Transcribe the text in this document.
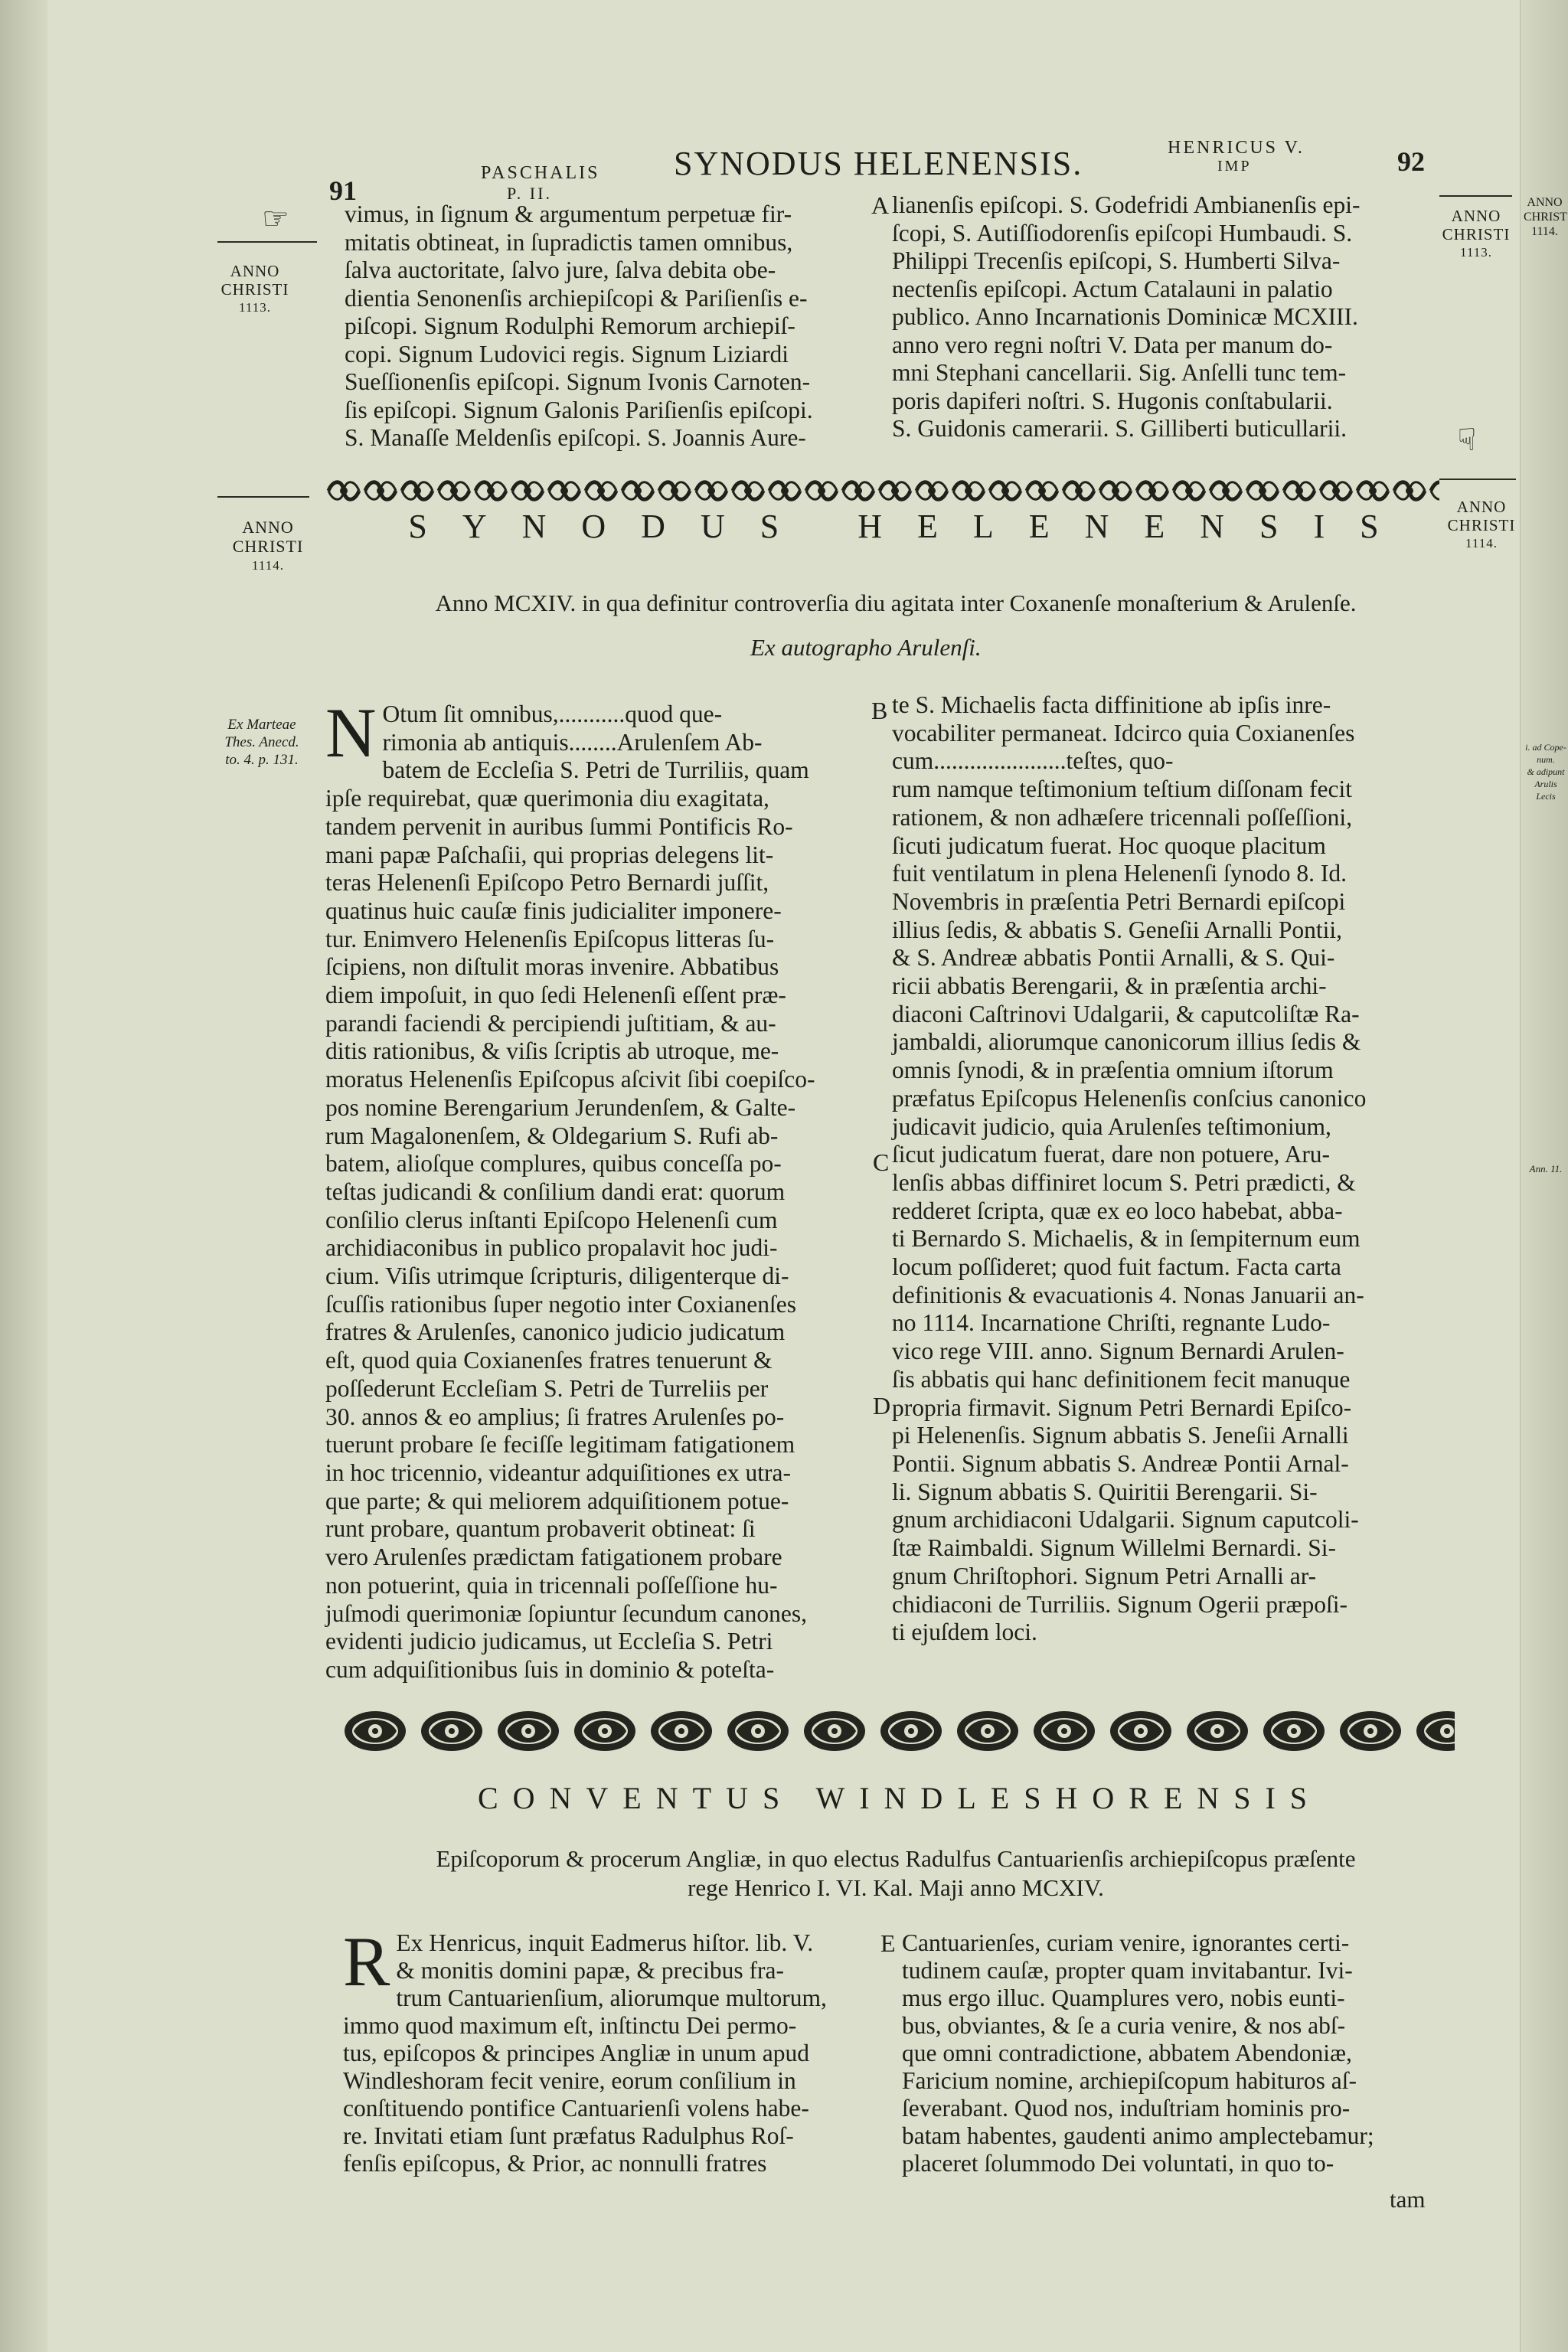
PASCHALIS
P. II.
SYNODUS HELENENSIS.	HENRICUS V.
IMP
91
92
☞
ANNO
CHRISTI
1113.
ANNO
CHRISTI
1113.

vimus, in ſignum & argumentum perpetuæ fir-

mitatis obtineat, in ſupradictis tamen omnibus,

ſalva auctoritate, ſalvo jure, ſalva debita obe-

dientia Senonenſis archiepiſcopi & Pariſienſis e-

piſcopi. Signum Rodulphi Remorum archiepiſ-

copi. Signum Ludovici regis. Signum Liziardi

Sueſſionenſis epiſcopi. Signum Ivonis Carnoten-

ſis epiſcopi. Signum Galonis Pariſienſis epiſcopi.

S. Manaſſe Meldenſis epiſcopi. S. Joannis Aure-

A lianenſis epiſcopi. S. Godefridi Ambianenſis epi-

ſcopi, S. Autiſſiodorenſis epiſcopi Humbaudi. S.

Philippi Trecenſis epiſcopi, S. Humberti Silva-

nectenſis epiſcopi. Actum Catalauni in palatio

publico. Anno Incarnationis Dominicæ MCXIII.

anno vero regni noſtri V. Data per manum do-

mni Stephani cancellarii. Sig. Anſelli tunc tem-

poris dapiferi noſtri. S. Hugonis conſtabularii.

S. Guidonis camerarii. S. Gilliberti buticullarii.	☞
ANNO
CHRISTI
1114.
ANNO
CHRISTI
1114.
SYNODUS HELENENSIS
Anno MCXIV. in qua definitur controverſia diu agitata inter Coxanenſe monaſterium & Arulenſe.
Ex autographo Arulenſi.
Ex Marteae
Thes. Anecd.
to. 4. p. 131. N Otum ſit omnibus,...........quod que-

rimonia ab antiquis........Arulenſem Ab-

batem de Eccleſia S. Petri de Turriliis, quam

ipſe requirebat, quæ querimonia diu exagitata,

tandem pervenit in auribus ſummi Pontificis Ro-

mani papæ Paſchaſii, qui proprias delegens lit-

teras Helenenſi Epiſcopo Petro Bernardi juſſit,

quatinus huic cauſæ finis judicialiter imponere-

tur. Enimvero Helenenſis Epiſcopus litteras ſu-

ſcipiens, non diſtulit moras invenire. Abbatibus

diem impoſuit, in quo ſedi Helenenſi eſſent præ-

parandi faciendi & percipiendi juſtitiam, & au-

ditis rationibus, & viſis ſcriptis ab utroque, me-

moratus Helenenſis Epiſcopus aſcivit ſibi coepiſco-

pos nomine Berengarium Jerundenſem, & Galte-

rum Magalonenſem, & Oldegarium S. Rufi ab-

batem, alioſque complures, quibus conceſſa po-

teſtas judicandi & conſilium dandi erat: quorum

conſilio clerus inſtanti Epiſcopo Helenenſi cum

archidiaconibus in publico propalavit hoc judi-

cium. Viſis utrimque ſcripturis, diligenterque di-

ſcuſſis rationibus ſuper negotio inter Coxianenſes

fratres & Arulenſes, canonico judicio judicatum

eſt, quod quia Coxianenſes fratres tenuerunt &

poſſederunt Eccleſiam S. Petri de Turreliis per

30. annos & eo amplius; ſi fratres Arulenſes po-

tuerunt probare ſe feciſſe legitimam fatigationem

in hoc tricennio, videantur adquiſitiones ex utra-

que parte; & qui meliorem adquiſitionem potue-

runt probare, quantum probaverit obtineat: ſi

vero Arulenſes prædictam fatigationem probare

non potuerint, quia in tricennali poſſeſſione hu-

juſmodi querimoniæ ſopiuntur ſecundum canones,

evidenti judicio judicamus, ut Eccleſia S. Petri

cum adquiſitionibus ſuis in dominio & poteſta-

B
C
D

te S. Michaelis facta diffinitione ab ipſis inre-

vocabiliter permaneat. Idcirco quia Coxianenſes

cum......................teſtes, quo-

rum namque teſtimonium teſtium diſſonam fecit

rationem, & non adhæſere tricennali poſſeſſioni,

ſicuti judicatum fuerat. Hoc quoque placitum

fuit ventilatum in plena Helenenſi ſynodo 8. Id.

Novembris in præſentia Petri Bernardi epiſcopi

illius ſedis, & abbatis S. Geneſii Arnalli Pontii,

& S. Andreæ abbatis Pontii Arnalli, & S. Qui-

ricii abbatis Berengarii, & in præſentia archi-

diaconi Caſtrinovi Udalgarii, & caputcoliſtæ Ra-

jambaldi, aliorumque canonicorum illius ſedis &

omnis ſynodi, & in præſentia omnium iſtorum

præfatus Epiſcopus Helenenſis conſcius canonico

judicavit judicio, quia Arulenſes teſtimonium,

ſicut judicatum fuerat, dare non potuere, Aru-

lenſis abbas diffiniret locum S. Petri prædicti, &

redderet ſcripta, quæ ex eo loco habebat, abba-

ti Bernardo S. Michaelis, & in ſempiternum eum

locum poſſideret; quod fuit factum. Facta carta

definitionis & evacuationis 4. Nonas Januarii an-

no 1114. Incarnatione Chriſti, regnante Ludo-

vico rege VIII. anno. Signum Bernardi Arulen-

ſis abbatis qui hanc definitionem fecit manuque

propria firmavit. Signum Petri Bernardi Epiſco-

pi Helenenſis. Signum abbatis S. Jeneſii Arnalli

Pontii. Signum abbatis S. Andreæ Pontii Arnal-

li. Signum abbatis S. Quiritii Berengarii. Si-

gnum archidiaconi Udalgarii. Signum caputcoli-

ſtæ Raimbaldi. Signum Willelmi Bernardi. Si-

gnum Chriſtophori. Signum Petri Arnalli ar-

chidiaconi de Turriliis. Signum Ogerii præpoſi-

ti ejuſdem loci.

ANNO
CHRIST
1114.
i. ad Cope-
num.
& adipunt
Arulis Lecis
Ann. 11.
CONVENTUS WINDLESHORENSIS
Epiſcoporum & procerum Angliæ, in quo electus Radulfus Cantuarienſis archiepiſcopus præſente
rege Henrico I. VI. Kal. Maji anno MCXIV.
R Ex Henricus, inquit Eadmerus hiſtor. lib. V.

& monitis domini papæ, & precibus fra-

trum Cantuarienſium, aliorumque multorum,

immo quod maximum eſt, inſtinctu Dei permo-

tus, epiſcopos & principes Angliæ in unum apud

Windleshoram fecit venire, eorum conſilium in

conſtituendo pontifice Cantuarienſi volens habe-

re. Invitati etiam ſunt præfatus Radulphus Roſ-

fenſis epiſcopus, & Prior, ac nonnulli fratres

E Cantuarienſes, curiam venire, ignorantes certi-

tudinem cauſæ, propter quam invitabantur. Ivi-

mus ergo illuc. Quamplures vero, nobis eunti-

bus, obviantes, & ſe a curia venire, & nos abſ-

que omni contradictione, abbatem Abendoniæ,

Faricium nomine, archiepiſcopum habituros aſ-

ſeverabant. Quod nos, induſtriam hominis pro-

batam habentes, gaudenti animo amplectebamur;

placeret ſolummodo Dei voluntati, in quo to-

tam
